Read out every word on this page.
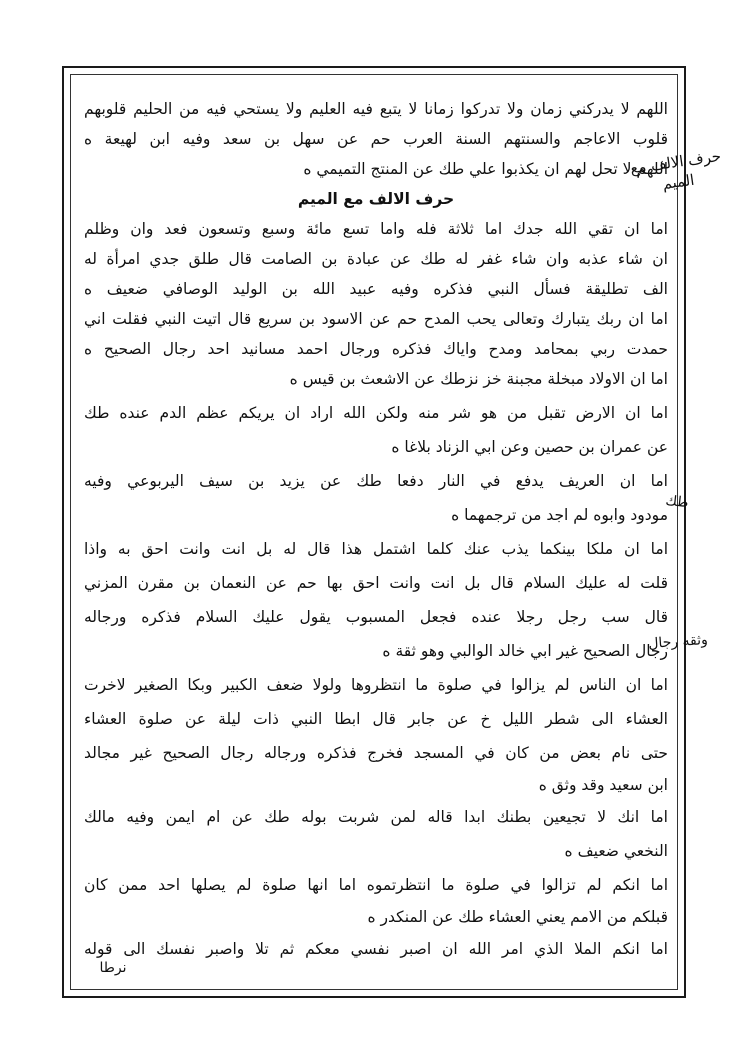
اللهم لا يدركني زمان ولا تدركوا زمانا لا يتبع فيه العليم ولا يستحي فيه من الحليم قلوبهم
قلوب الاعاجم والسنتهم السنة العرب حم عن سهل بن سعد وفيه ابن لهيعة ه
اللهم لا تحل لهم ان يكذبوا علي طك عن المنتج التميمي ه
حرف الالف مع الميم
اما ان تقي الله جدك اما ثلاثة فله واما تسع مائة وسبع وتسعون فعد وان وظلم
ان شاء عذبه وان شاء غفر له طك عن عبادة بن الصامت قال طلق جدي امرأة له
الف تطليقة فسأل النبي فذكره وفيه عبيد الله بن الوليد الوصافي ضعيف ه
اما ان ربك يتبارك وتعالى يحب المدح حم عن الاسود بن سريع قال اتيت النبي فقلت اني
حمدت ربي بمحامد ومدح واياك فذكره ورجال احمد مسانيد احد رجال الصحيح ه
اما ان الاولاد مبخلة مجبنة خز نزطك عن الاشعث بن قيس ه
اما ان الارض تقبل من هو شر منه ولكن الله اراد ان يريكم عظم الدم عنده طك
عن عمران بن حصين وعن ابي الزناد بلاغا ه
اما ان العريف يدفع في النار دفعا طك عن يزيد بن سيف اليربوعي وفيه
مودود وابوه لم اجد من ترجمهما ه
اما ان ملكا بينكما يذب عنك كلما اشتمل هذا قال له بل انت وانت احق به واذا
قلت له عليك السلام قال بل انت وانت احق بها حم عن النعمان بن مقرن المزني
قال سب رجل رجلا عنده فجعل المسبوب يقول عليك السلام فذكره ورجاله
رجال الصحيح غير ابي خالد الوالبي وهو ثقة ه
اما ان الناس لم يزالوا في صلوة ما انتظروها ولولا ضعف الكبير وبكا الصغير لاخرت
العشاء الى شطر الليل خ عن جابر قال ابطا النبي ذات ليلة عن صلوة العشاء
حتى نام بعض من كان في المسجد فخرج فذكره ورجاله رجال الصحيح غير مجالد
ابن سعيد وقد وثق ه
اما انك لا تجيعين بطنك ابدا قاله لمن شربت بوله طك عن ام ايمن وفيه مالك
النخعي ضعيف ه
اما انكم لم تزالوا في صلوة ما انتظرتموه اما انها صلوة لم يصلها احد ممن كان
قبلكم من الامم يعني العشاء طك عن المنكدر ه
اما انكم الملا الذي امر الله ان اصبر نفسي معكم ثم تلا واصبر نفسك الى قوله
حرف الالف مع الميم
طك
وثقه رجال
نرطا
